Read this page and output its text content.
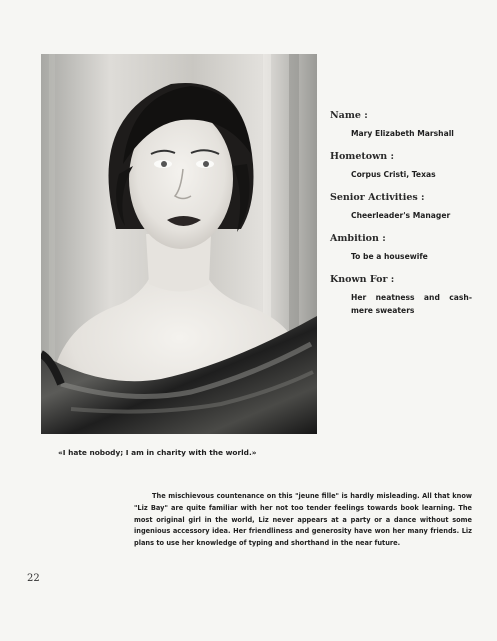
Name :

Mary Elizabeth Marshall

Hometown :

Corpus Cristi, Texas

Senior Activities :

Cheerleader's Manager

Ambition :

To be a housewife

Known For :

Her neatness and cash-mere sweaters

«I hate nobody; I am in charity with the world.»

The mischievous countenance on this "jeune fille" is hardly misleading. All that know "Liz Bay" are quite familiar with her not too tender feelings towards book learning. The most original girl in the world, Liz never appears at a party or a dance without some ingenious accessory idea. Her friendliness and generosity have won her many friends. Liz plans to use her knowledge of typing and shorthand in the near future.

22
